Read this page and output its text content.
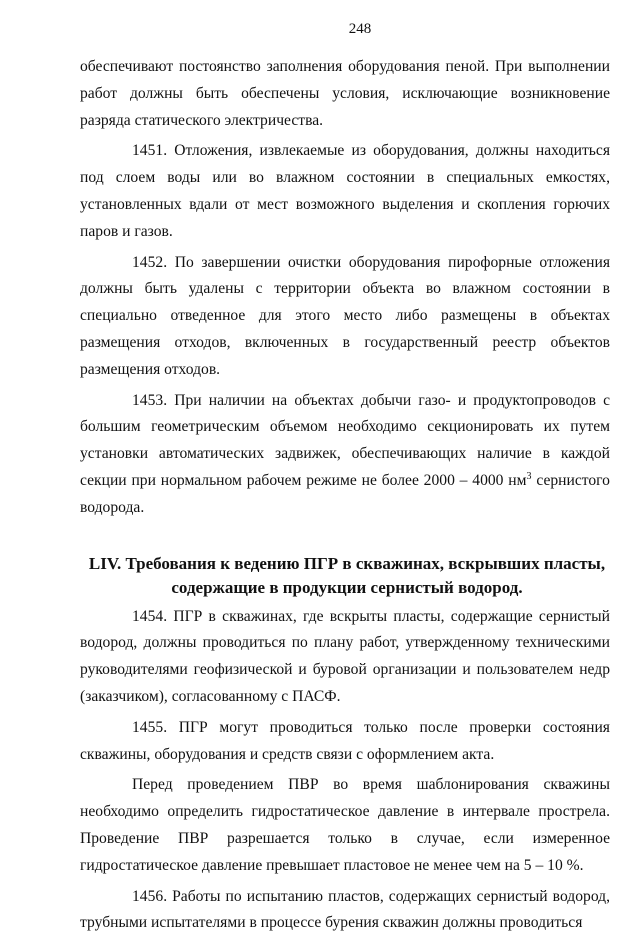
248

обеспечивают постоянство заполнения оборудования пеной. При выполнении работ должны быть обеспечены условия, исключающие возникновение разряда статического электричества.

1451. Отложения, извлекаемые из оборудования, должны находиться под слоем воды или во влажном состоянии в специальных емкостях, установленных вдали от мест возможного выделения и скопления горючих паров и газов.

1452. По завершении очистки оборудования пирофорные отложения должны быть удалены с территории объекта во влажном состоянии в специально отведенное для этого место либо размещены в объектах размещения отходов, включенных в государственный реестр объектов размещения отходов.

1453. При наличии на объектах добычи газо- и продуктопроводов с большим геометрическим объемом необходимо секционировать их путем установки автоматических задвижек, обеспечивающих наличие в каждой секции при нормальном рабочем режиме не более 2000 – 4000 $нм^3$ сернистого водорода.

LIV. Требования к ведению ПГР в скважинах, вскрывших пласты,
содержащие в продукции сернистый водород.

1454. ПГР в скважинах, где вскрыты пласты, содержащие сернистый водород, должны проводиться по плану работ, утвержденному техническими руководителями геофизической и буровой организации и пользователем недр (заказчиком), согласованному с ПАСФ.

1455. ПГР могут проводиться только после проверки состояния скважины, оборудования и средств связи с оформлением акта.

Перед проведением ПВР во время шаблонирования скважины необходимо определить гидростатическое давление в интервале прострела. Проведение ПВР разрешается только в случае, если измеренное гидростатическое давление превышает пластовое не менее чем на 5 – 10 %.

1456. Работы по испытанию пластов, содержащих сернистый водород, трубными испытателями в процессе бурения скважин должны проводиться
